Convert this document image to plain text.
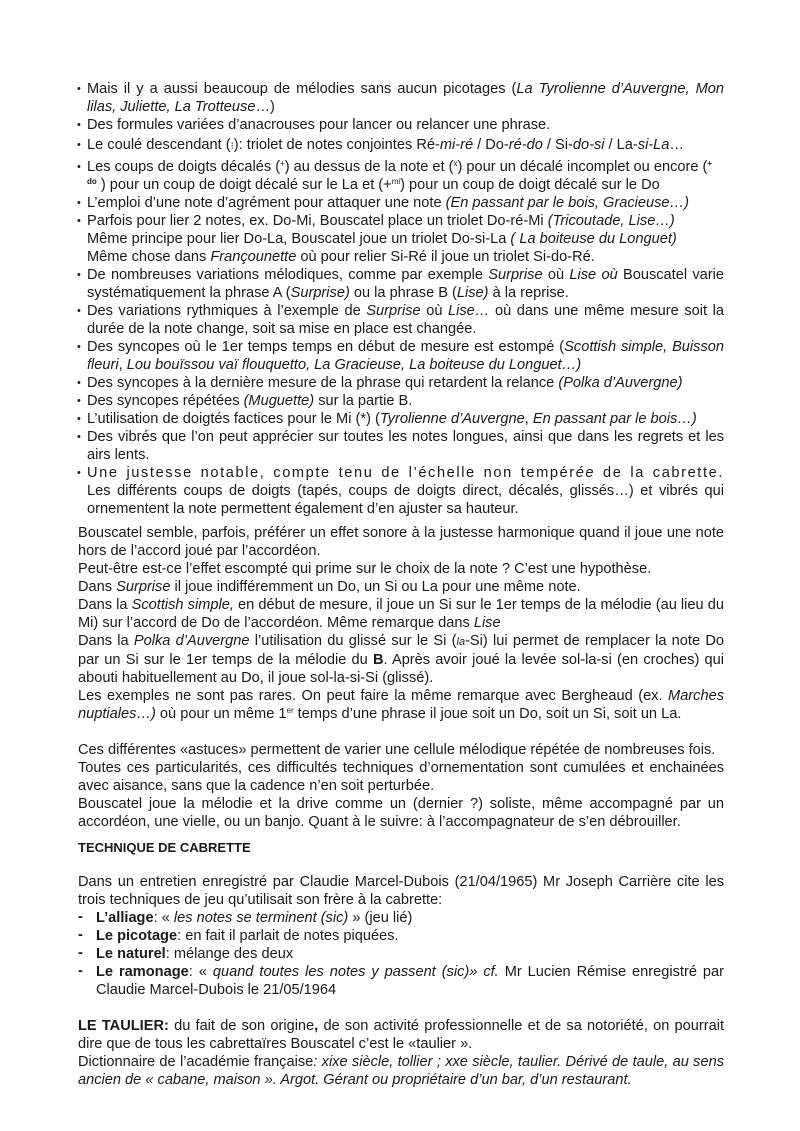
• Mais il y a aussi beaucoup de mélodies sans aucun picotages (La Tyrolienne d’Auvergne, Mon lilas, Juliette, La Trotteuse…)
• Des formules variées d’anacrouses pour lancer ou relancer une phrase.
• Le coulé descendant (⁝): triolet de notes conjointes Ré-mi-ré / Do-ré-do / Si-do-si / La-si-La…
• Les coups de doigts décalés (+) au dessus de la note et ($^x$) pour un décalé incomplet ou encore ($^{+ do}$ ) pour un coup de doigt décalé sur le La et (+$^{mi}$) pour un coup de doigt décalé sur le Do
• L’emploi d’une note d’agrément pour attaquer une note (En passant par le bois, Gracieuse…)
• Parfois pour lier 2 notes, ex. Do-Mi, Bouscatel place un triolet Do-ré-Mi (Tricoutade, Lise…)
Même principe pour lier Do-La, Bouscatel joue un triolet Do-si-La ( La boiteuse du Longuet)
Même chose dans Françounette où pour relier Si-Ré il joue un triolet Si-do-Ré.
• De nombreuses variations mélodiques, comme par exemple Surprise où Lise où Bouscatel varie systématiquement la phrase A (Surprise) ou la phrase B (Lise) à la reprise.
• Des variations rythmiques à l’exemple de Surprise où Lise… où dans une même mesure soit la durée de la note change, soit sa mise en place est changée.
• Des syncopes où le 1er temps temps en début de mesure est estompé (Scottish simple, Buisson fleuri, Lou bouïssou vaï flouquetto, La Gracieuse, La boiteuse du Longuet…)
• Des syncopes à la dernière mesure de la phrase qui retardent la relance (Polka d’Auvergne)
• Des syncopes répétées (Muguette) sur la partie B.
• L’utilisation de doigtés factices pour le Mi (*) (Tyrolienne d’Auvergne, En passant par le bois…)
• Des vibrés que l’on peut apprécier sur toutes les notes longues, ainsi que dans les regrets et les airs lents.
• Une justesse notable, compte tenu de l’échelle non tempérée de la cabrette.
Les différents coups de doigts (tapés, coups de doigts direct, décalés, glissés…) et vibrés qui ornementent la note permettent également d’en ajuster sa hauteur.

Bouscatel semble, parfois, préférer un effet sonore à la justesse harmonique quand il joue une note hors de l’accord joué par l’accordéon.

Peut-être est-ce l’effet escompté qui prime sur le choix de la note ? C’est une hypothèse.

Dans Surprise il joue indifféremment un Do, un Si ou La pour une même note.

Dans la Scottish simple, en début de mesure, il joue un Si sur le 1er temps de la mélodie (au lieu du Mi) sur l’accord de Do de l’accordéon. Même remarque dans Lise

Dans la Polka d’Auvergne l’utilisation du glissé sur le Si (la-Si) lui permet de remplacer la note Do par un Si sur le 1er temps de la mélodie du B. Après avoir joué la levée sol-la-si (en croches) qui abouti habituellement au Do, il joue sol-la-si-Si (glissé).

Les exemples ne sont pas rares. On peut faire la même remarque avec Bergheaud (ex. Marches nuptiales…) où pour un même 1er temps d’une phrase il joue soit un Do, soit un Si, soit un La.

Ces différentes «astuces» permettent de varier une cellule mélodique répétée de nombreuses fois.

Toutes ces particularités, ces difficultés techniques d’ornementation sont cumulées et enchainées avec aisance, sans que la cadence n’en soit perturbée.

Bouscatel joue la mélodie et la drive comme un (dernier ?) soliste, même accompagné par un accordéon, une vielle, ou un banjo. Quant à le suivre: à l’accompagnateur de s’en débrouiller.

TECHNIQUE DE CABRETTE

Dans un entretien enregistré par Claudie Marcel-Dubois (21/04/1965) Mr Joseph Carrière cite les trois techniques de jeu qu’utilisait son frère à la cabrette:

- L’alliage: « les notes se terminent (sic) » (jeu lié)
- Le picotage: en fait il parlait de notes piquées.
- Le naturel: mélange des deux
- Le ramonage: « quand toutes les notes y passent (sic)» cf. Mr Lucien Rémise enregistré par Claudie Marcel-Dubois le 21/05/1964

LE TAULIER: du fait de son origine, de son activité professionnelle et de sa notoriété, on pourrait dire que de tous les cabrettaïres Bouscatel c’est le «taulier ».

Dictionnaire de l’académie française: xixe siècle, tollier ; xxe siècle, taulier. Dérivé de taule, au sens ancien de « cabane, maison ». Argot. Gérant ou propriétaire d’un bar, d’un restaurant.
